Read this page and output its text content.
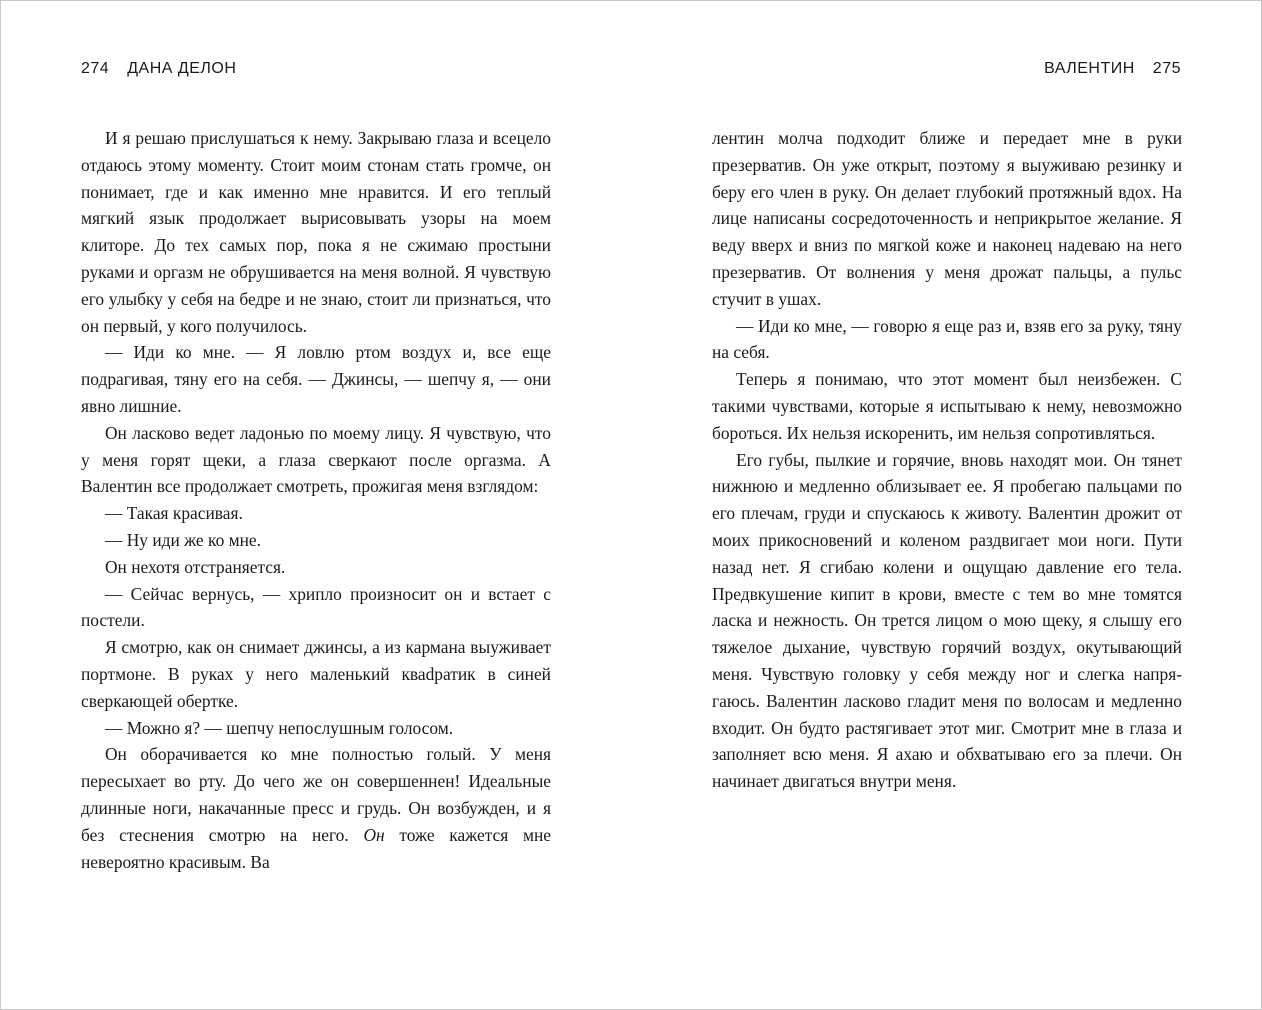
274 ДАНА ДЕЛОН

И я решаю прислушаться к нему. Закрываю глаза и всецело отдаюсь этому моменту. Стоит моим стонам стать громче, он понимает, где и как именно мне нравится. И его теплый мягкий язык продолжает вырисовывать узоры на моем клиторе. До тех самых пор, пока я не сжимаю простыни руками и оргазм не обрушивается на меня волной. Я чувствую его улыбку у себя на бедре и не знаю, стоит ли признаться, что он первый, у кого получилось.

— Иди ко мне. — Я ловлю ртом воздух и, все еще подрагивая, тяну его на себя. — Джинсы, — шепчу я, — они явно лишние.

Он ласково ведет ладонью по моему лицу. Я чувствую, что у меня горят щеки, а глаза сверкают после оргазма. А Валентин все продолжает смотреть, прожигая меня взглядом:

— Такая красивая.

— Ну иди же ко мне.

Он нехотя отстраняется.

— Сейчас вернусь, — хрипло произносит он и встает с постели.

Я смотрю, как он снимает джинсы, а из кармана выуживает портмоне. В руках у него маленький кваdратик в синей сверкающей обертке.

— Можно я? — шепчу непослушным голосом.

Он оборачивается ко мне полностью голый. У меня пересыхает во рту. До чего же он совершеннен! Идеальные длинные ноги, накачанные пресс и грудь. Он возбужден, и я без стеснения смотрю на него. Он тоже кажется мне невероятно красивым. Ва

ВАЛЕНТИН 275

лентин молча подходит ближе и передает мне в руки презерватив. Он уже открыт, поэтому я выуживаю резинку и беру его член в руку. Он делает глубокий протяжный вдох. На лице написаны сосредоточенность и неприкрытое желание. Я веду вверх и вниз по мягкой коже и наконец надеваю на него презерватив. От волнения у меня дрожат пальцы, а пульс стучит в ушах.

— Иди ко мне, — говорю я еще раз и, взяв его за руку, тяну на себя.

Теперь я понимаю, что этот момент был неизбежен. С такими чувствами, которые я испытываю к нему, невозможно бороться. Их нельзя искоренить, им нельзя сопротивляться.

Его губы, пылкие и горячие, вновь находят мои. Он тянет нижнюю и медленно облизывает ее. Я пробегаю пальцами по его плечам, груди и спускаюсь к животу. Валентин дрожит от моих прикосновений и коленом раздвигает мои ноги. Пути назад нет. Я сгибаю колени и ощущаю давление его тела. Предвкушение кипит в крови, вместе с тем во мне томятся ласка и нежность. Он трется лицом о мою щеку, я слышу его тяжелое дыхание, чувствую горячий воздух, окутывающий меня. Чувствую головку у себя между ног и слегка напрягаюсь. Валентин ласково гладит меня по волосам и медленно входит. Он будто растягивает этот миг. Смотрит мне в глаза и заполняет всю меня. Я ахаю и обхватываю его за плечи. Он начинает двигаться внутри меня.
